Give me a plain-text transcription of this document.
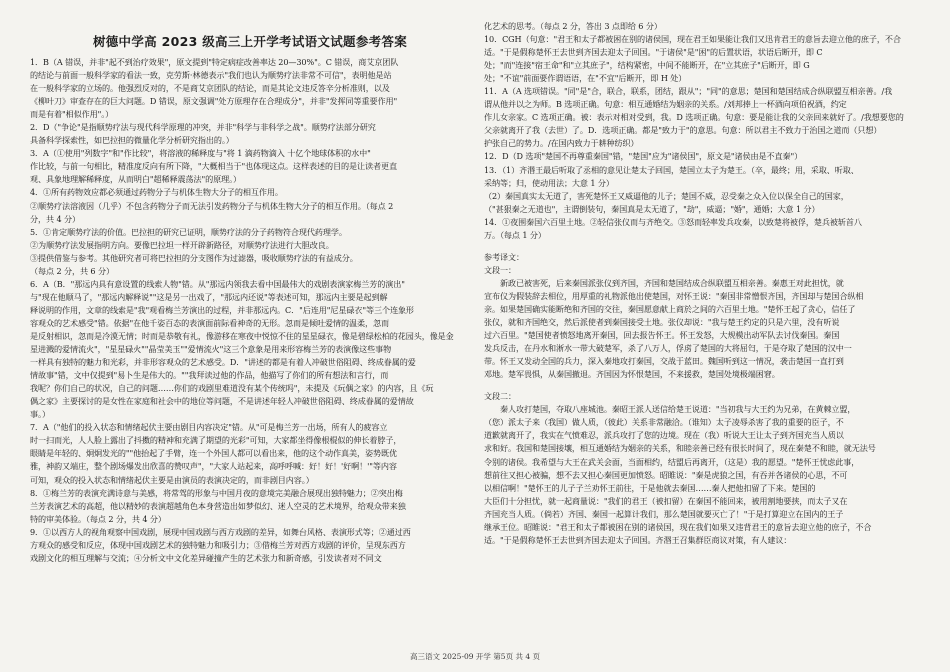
树德中学高 2023 级高三上开学考试语文试题参考答案
1．B（A 错误，并非"起不到治疗效果"，原文提到"特定病症改善率达 20—30%"。C 错误，商艾京团队
的结论与前面一般科学家的看法一致，克劳斯·林德表示"我们也认为顺势疗法非常不可信"，表明他是站
在一般科学家的立场的。他强烈反对的，不是商艾京团队的结论，而是其论文违反答辛分析准则，以及
《柳叶刀》审查存在的巨大问题。D 错误，原文强调"处方原理存在合理成分"，并非"发挥同等重要作用"
而是有着"相似作用"。）
2．D（"争论"是指顺势疗法与现代科学原理的冲突，并非"科学与非科学之战"。顺势疗法部分研究
具备科学探索性，如巴拉担的微量化学分析研究指出的。）
3．A（①使用"列数字"和"作比较"，将溶液的稀释度与"将 1 滴药物滴入 十亿个地球体积的水中"
作比较，与前一句相比，精准度反向有所下降，"大概相当于"也体现这点。这样表述的目的是让读者更直
观、具象地理解稀释度，从而明白"超稀释震荡法"的原理。）
4．①所有药物效应都必须通过药物分子与机体生物大分子的相互作用。
②顺势疗法溶液因（几乎）不包含药物分子而无法引发药物分子与机体生物大分子的相互作用。（每点 2
分，共 4 分）
5．①肯定顺势疗法的价值。巴拉担的研究已证明，顺势疗法的分子药物符合现代药理学。
②为顺势疗法发展指明方向。要像巴拉坦一样开辟新路径，对顺势疗法进行大胆改良。
③提供借鉴与参考。其他研究者可将巴拉担的分支图作为过滤器，吸收顺势疗法的有益成分。
（每点 2 分，共 6 分）
6．A（B．"那远内具有意设置的线索人物"错。从"那远内领我去看中国最伟大的戏剧表演家梅兰芳的演出"
与"现在他顺马了，"那远内解释说""这是另一出戏了，"那远内还说"等表述可知，那远内主要是起到解
释说明的作用，文章的线索是"我"观看梅兰芳演出的过程，并非那远内。C．"后连用"尼星碌衣"等三个连象形
容观众的艺术感受"错。依据"在他千姿百态的表演面前际看神奇的无形。忽而是倾吐爱情的温柔，忽而
是反射相识，忽而是冷漠无情；时而是恭敬有礼，像游移在寒夜中悦惊不住的星星碌衣，像是碧绿松柏的花园头，像是金
星进溅的爱情流火"，"星星碌火""晶莹美玉""爱情流火"这三个意象是用来形容梅兰芳的表演像这些事物
一样具有独特的魅力和光彩，并非形容观众的艺术感受。D．"讲述的都是有着人冲破世俗阻碍、终成眷属的爱
情故事"错，文中仅提到"易卜生是伟大的。""我拜读过他的作品，他描写了你们的所有想法和言行，而
我呢？你们自己的状况，自己的问题……你们的戏剧里难道没有某个传统吗"，未提及《玩偶之家》的内容，且《玩
偶之家》主要探讨的是女性在家庭和社会中的地位等问题，不是讲述年轻人冲破世俗阻碍、终成眷属的爱情故
事。）
7．A（"他们的投入状态和情绪起伏主要由剧目内容决定"错。从"可是梅兰芳一出场，所有人的疲容立
时一扫而光，人人脸上露出了抖擞的精神和充满了期望的光彩"可知，大家都坐得像根棍似的伸长着脖子，
眼睛是年轻的、炯炯发光的""他抬起了手臂，连一个外国人都可以看出来，他的这个动作真美，姿势既优
雅，神韵又端庄，整个剧场爆发出欣喜的赞叹声"，"大家人站起来，高呼呼喊：好！好！'好啊！'"等内容
可知，观众的投入状态和情绪起伏主要是由演员的表演决定的，而非剧目内容。）
8．①梅兰芳的表演充满诗意与美感，将常驾的形象与中国月夜的意境完美融合展现出独特魅力；②突出梅
兰芳表演艺术的高超，他以精妙的表演超越角色本身营造出如梦似幻、迷人空灵的艺术境界，给观众带来独
特的审美体验。（每点 2 分，共 4 分）
9．①以西方人的视角观察中国戏剧，展现中国戏剧与西方戏剧的差异，如舞台风格、表演形式等；②通过西
方观众的感受和反应，体现中国戏剧艺术的独特魅力和吸引力；③借梅兰芳对西方戏剧的评价，呈现东西方
戏剧文化的相互理解与交流；④分析文中文化差异碰撞产生的艺术张力和新奇感，引发读者对不同文
化艺术的思考。（每点 2 分，答出 3 点即给 6 分）
10．CGH（句意："君王和太子都被困在别的诸侯国，现在君王如果能让我们又迅肯君王的意旨去迎立他的庶子，不合
适。"于是假称楚怀王去世到齐国去迎太子回国。"于诸侯"是"困"的后置状语，状语后断开，即 C
处；"而"连接"宿王命"和"立其庶子"，结构紧密，中间不能断开，在"立其庶子"后断开，即 G
处；"不谊"前面要作谓语语，在"不宜"后断开，即 H 处）
11．A（A 选项错误。"同"是"合，联合，联系，团结，跟从"；"同"的意思；楚国和楚国结成合纵联盟互相亲善。/我
谓从他并以之为师。B 选项正确。句意：相互通婚结为姻亲的关系。/刘邦捧上一杯酒向项伯祝酒，约定
作儿女亲家。C 选项正确。被：表示对相对受到，我。D 选项正确。句意：要是能让我的父亲回来就好了。/我想要您的
父亲就离开了我（去世）了。D．选项正确。都是"致力于"的意思。句意：所以君主不致力于治国之道而（只想）
护张自己的势力。/在国内致力于耕种纺织）
12．D（D 选项"楚国不再尊重秦国"错，"楚国"应为"诸侯国"，原文是"诸侯由是不直秦"）
13．（1）齐湣王最后听取了丞相的意见让楚太子回国，楚国立太子为楚王。（卒，最终；用，采取、听取、
采纳等；归，使动用法；大意 1 分）
（2）秦国真实太无道了，害死楚怀王又威逼他的儿子；楚国不威，忍受秦之众入位以保全自己的国家，
（"甚狠秦之无道也"，主谓倒装句，秦国真是太无道了，"劫"，威逼；"婚"，通婚；大意 1 分）
14．①夜围秦国六百里土地。②轻信张仪而与齐绝交。③怒而轻率发兵攻秦，以致楚将被俘，楚兵被斩首八
万。（每点 1 分）
参考译文：
文段一：
　　新政已被害死，后来秦国派张仪到齐国，齐国和楚国结成合纵联盟互相亲善。秦惠王对此担忧，就
宣布仪为假装辞去相位，用厚重的礼物派他出使楚国，对怀王说："秦国非常憎恨齐国，齐国却与楚国合纵相
亲。如果楚国确实能断绝和齐国的交往，秦国愿意献上商於之间的六百里土地。"楚怀王起了贪心，信任了
张仪，就和齐国绝交，然后派使者到秦国接受土地。张仪却说："我与楚王约定的只是六里，没有听说
过六百里。"楚国使者愤怒地离开秦国，回去报告怀王。怀王发怒，大规模出动军队去讨伐秦国。秦国
发兵反击，在丹水和淅水一带大破楚军，杀了八万人，俘虏了楚国的大将屈匄，于是夺取了楚国的汉中一
带。怀王又发动全国的兵力，深入秦地攻打秦国，交战于蓝田。魏国听到这一情况，袭击楚国一直打到
邓地。楚军畏惧，从秦国撤退。齐国因为怀恨楚国，不来援救，楚国处境极端困窘。
文段二：
　　秦人攻打楚国，夺取八座城池。秦昭王派人送信给楚王说道："当初我与大王约为兄弟，在黄棘立盟，
（您）派太子来（我国）做人质，（彼此）关系非常融洽。（谁知）太子凌辱杀害了我的重要的臣子，不
道歉就离开了，我实在气愤难忍，派兵攻打了您的边境。现在（我）听说大王让太子到齐国充当人质以
求和好。我国和楚国接壤，相互通婚结为姻亲的关系，和睦亲善已经有很长时间了，现在秦楚不和睦，就无法号
令别的诸侯。我希望与大王在武关会面，当面相约，结盟后再离开，（这是）我的愿望。"楚怀王忧虑此事，
想前往又担心被骗，想不去又担心秦国更加愤怒。昭睢说："秦是虎狼之国，有吞并各诸侯的心思，不可
以相信啊！"楚怀王的儿子子兰劝怀王前往，于是他就去秦国……秦人把他扣留了下来。楚国的
大臣们十分担忧，就一起商量说："我们的君王（被扣留）在秦国不能回来，被用割地要挟，而太子又在
齐国充当人质。（倘若）齐国、秦国一起算计我们，那么楚国就要灭亡了！"于是打算迎立在国内的王子
继承王位。昭睢说："君王和太子都被困在别的诸侯国，现在我们如果又违背君王的意旨去迎立他的庶子，不合
适。"于是假称楚怀王去世到齐国去迎太子回国。齐湣王召集群臣商议对策，有人建议：
高三语文 2025-09 开学 第5页 共 4 页
